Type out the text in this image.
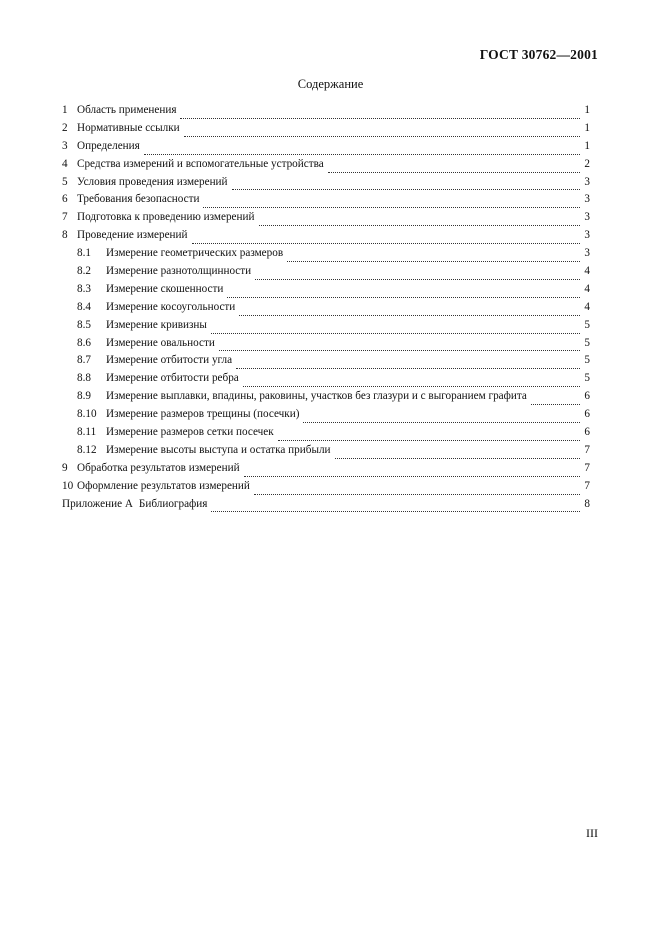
ГОСТ 30762—2001
Содержание
1 Область применения	1
2 Нормативные ссылки	1
3 Определения	1
4 Средства измерений и вспомогательные устройства	2
5 Условия проведения измерений	3
6 Требования безопасности	3
7 Подготовка к проведению измерений	3
8 Проведение измерений	3
8.1	Измерение геометрических размеров	3
8.2	Измерение разнотолщинности	4
8.3	Измерение скошенности	4
8.4	Измерение косоугольности	4
8.5	Измерение кривизны	5
8.6	Измерение овальности	5
8.7	Измерение отбитости угла	5
8.8	Измерение отбитости ребра	5
8.9	Измерение выплавки, впадины, раковины, участков без глазури и с выгоранием графита	6
8.10 Измерение размеров трещины (посечки)	6
8.11 Измерение размеров сетки посечек	6
8.12 Измерение высоты выступа и остатка прибыли	7
9 Обработка результатов измерений	7
10 Оформление результатов измерений	7
Приложение А Библиография	8
III
